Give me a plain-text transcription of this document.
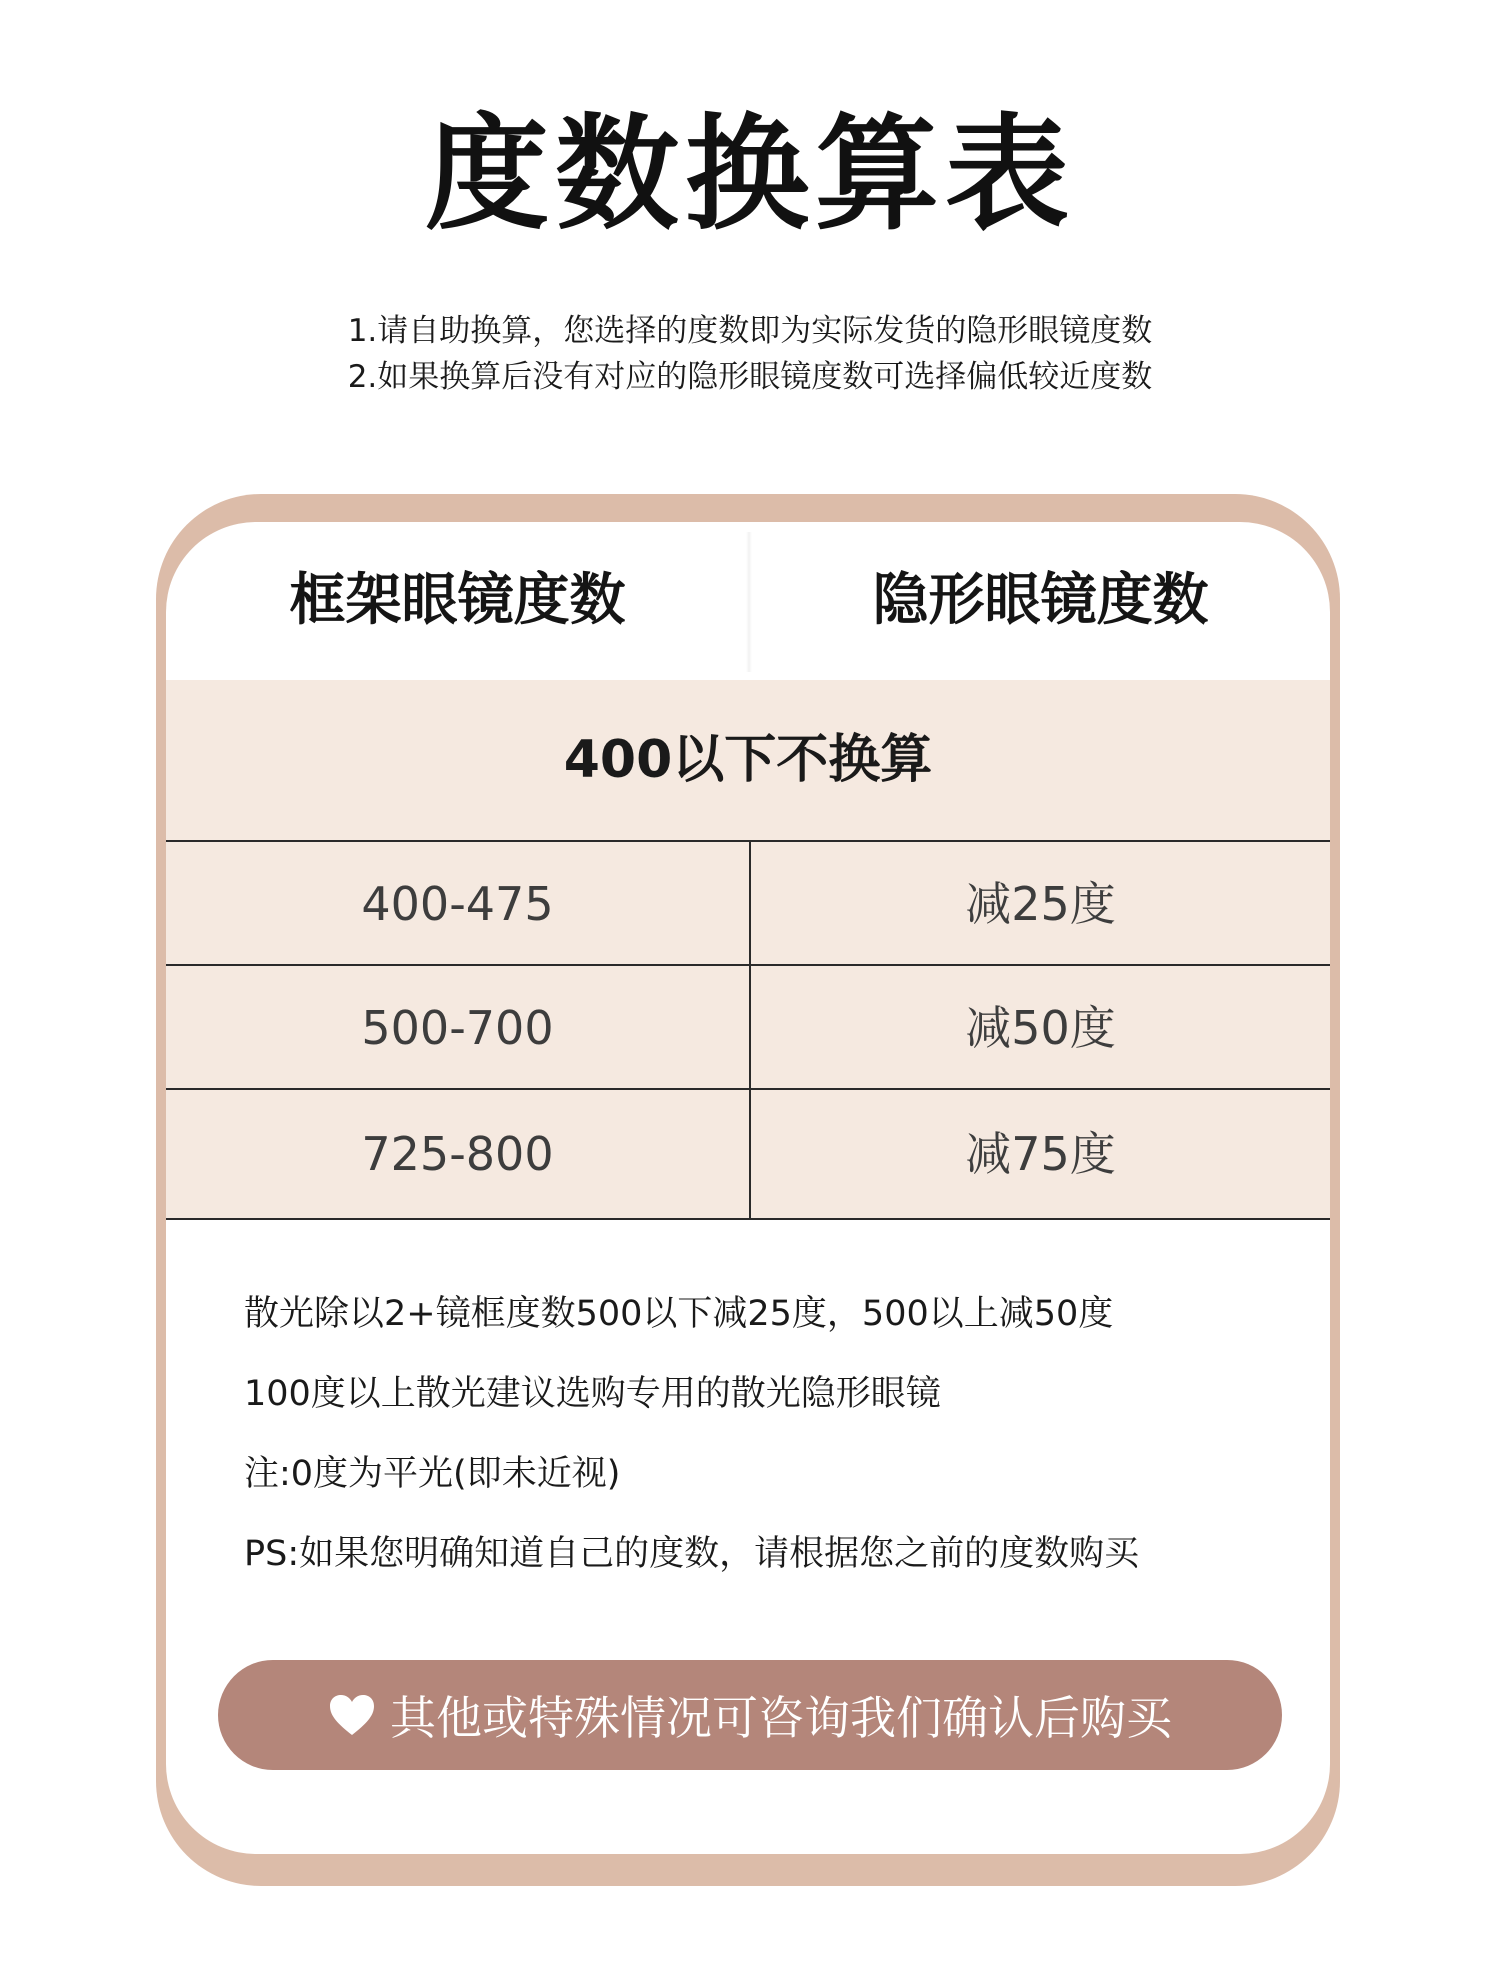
度数换算表
1.请自助换算，您选择的度数即为实际发货的隐形眼镜度数
2.如果换算后没有对应的隐形眼镜度数可选择偏低较近度数
框架眼镜度数	隐形眼镜度数
400以下不换算
400-475	减25度
500-700	减50度
725-800	减75度
散光除以2+镜框度数500以下减25度，500以上减50度
100度以上散光建议选购专用的散光隐形眼镜
注:0度为平光(即未近视)
PS:如果您明确知道自己的度数，请根据您之前的度数购买
其他或特殊情况可咨询我们确认后购买
